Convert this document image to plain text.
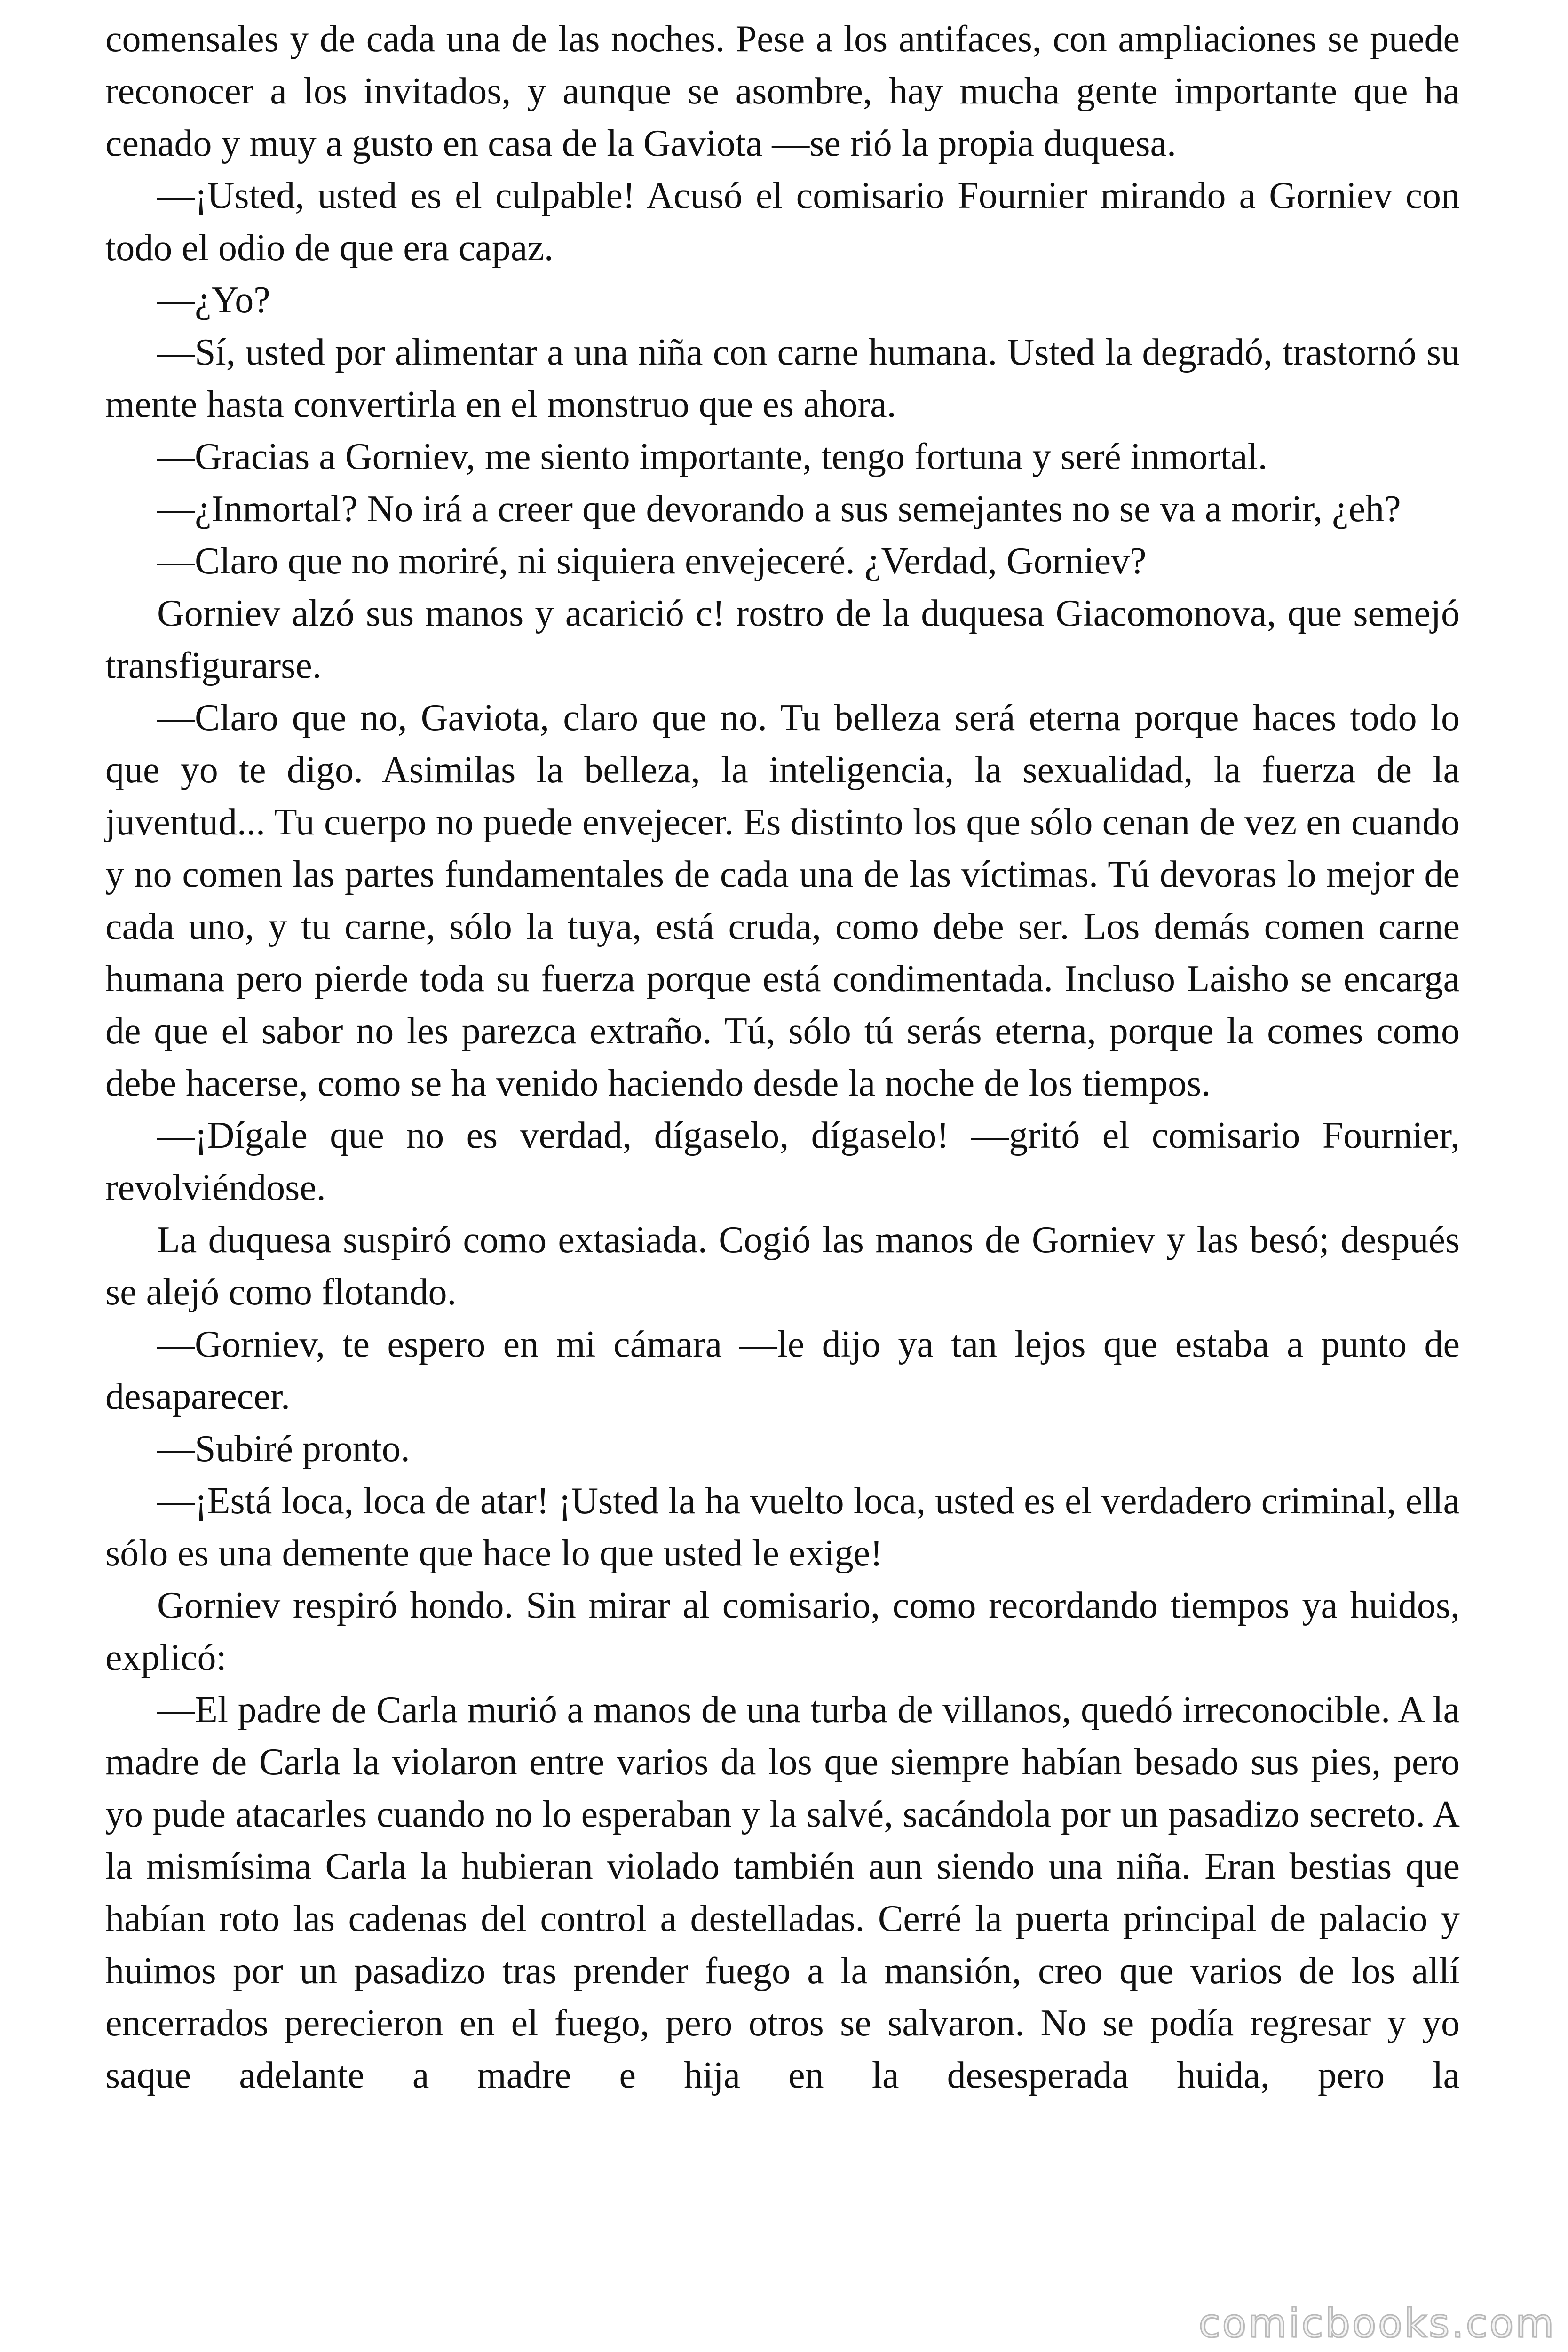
comensales y de cada una de las noches. Pese a los antifaces, con ampliaciones se puede reconocer a los invitados, y aunque se asombre, hay mucha gente importante que ha cenado y muy a gusto en casa de la Gaviota —se rió la propia duquesa.

—¡Usted, usted es el culpable! Acusó el comisario Fournier mirando a Gorniev con todo el odio de que era capaz.

—¿Yo?

—Sí, usted por alimentar a una niña con carne humana. Usted la degradó, trastornó su mente hasta convertirla en el monstruo que es ahora.

—Gracias a Gorniev, me siento importante, tengo fortuna y seré inmortal.

—¿Inmortal? No irá a creer que devorando a sus semejantes no se va a morir, ¿eh?

—Claro que no moriré, ni siquiera envejeceré. ¿Verdad, Gorniev?

Gorniev alzó sus manos y acarició c! rostro de la duquesa Giacomonova, que semejó transfigurarse.

—Claro que no, Gaviota, claro que no. Tu belleza será eterna porque haces todo lo que yo te digo. Asimilas la belleza, la inteligencia, la sexualidad, la fuerza de la juventud... Tu cuerpo no puede envejecer. Es distinto los que sólo cenan de vez en cuando y no comen las partes fundamentales de cada una de las víctimas. Tú devoras lo mejor de cada uno, y tu carne, sólo la tuya, está cruda, como debe ser. Los demás comen carne humana pero pierde toda su fuerza porque está condimentada. Incluso Laisho se encarga de que el sabor no les parezca extraño. Tú, sólo tú serás eterna, porque la comes como debe hacerse, como se ha venido haciendo desde la noche de los tiempos.

—¡Dígale que no es verdad, dígaselo, dígaselo! —gritó el comisario Fournier, revolviéndose.

La duquesa suspiró como extasiada. Cogió las manos de Gorniev y las besó; después se alejó como flotando.

—Gorniev, te espero en mi cámara —le dijo ya tan lejos que estaba a punto de desaparecer.

—Subiré pronto.

—¡Está loca, loca de atar! ¡Usted la ha vuelto loca, usted es el verdadero criminal, ella sólo es una demente que hace lo que usted le exige!

Gorniev respiró hondo. Sin mirar al comisario, como recordando tiempos ya huidos, explicó:

—El padre de Carla murió a manos de una turba de villanos, quedó irreconocible. A la madre de Carla la violaron entre varios da los que siempre habían besado sus pies, pero yo pude atacarles cuando no lo esperaban y la salvé, sacándola por un pasadizo secreto. A la mismísima Carla la hubieran violado también aun siendo una niña. Eran bestias que habían roto las cadenas del control a destelladas. Cerré la puerta principal de palacio y huimos por un pasadizo tras prender fuego a la mansión, creo que varios de los allí encerrados perecieron en el fuego, pero otros se salvaron. No se podía regresar y yo saque adelante a madre e hija en la desesperada huida, pero la

comicbooks.com
